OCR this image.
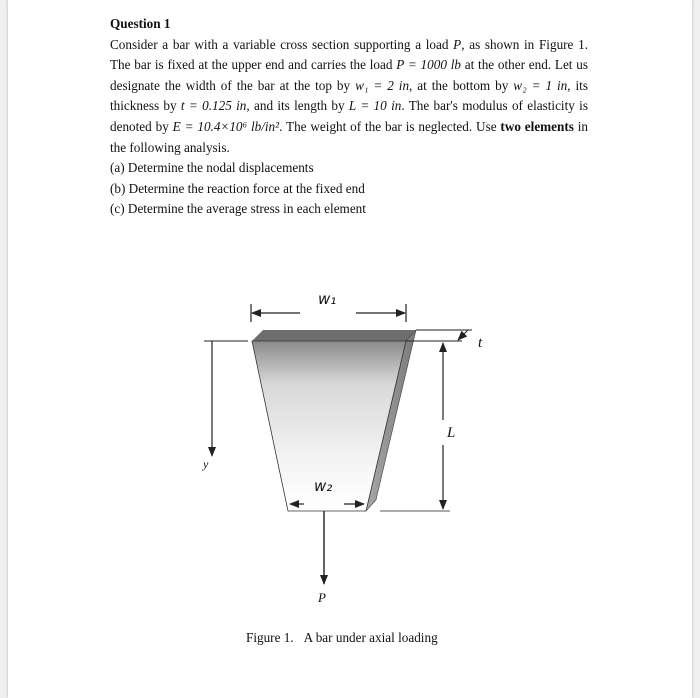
Question 1

Consider a bar with a variable cross section supporting a load P, as shown in Figure 1. The bar is fixed at the upper end and carries the load P = 1000 lb at the other end. Let us designate the width of the bar at the top by w₁ = 2 in, at the bottom by w₂ = 1 in, its thickness by t = 0.125 in, and its length by L = 10 in. The bar's modulus of elasticity is denoted by E = 10.4×10⁶ lb/in². The weight of the bar is neglected. Use two elements in the following analysis.

(a) Determine the nodal displacements

(b) Determine the reaction force at the fixed end

(c) Determine the average stress in each element

w₁
y
t
L
w₂
P
Figure 1. A bar under axial loading
